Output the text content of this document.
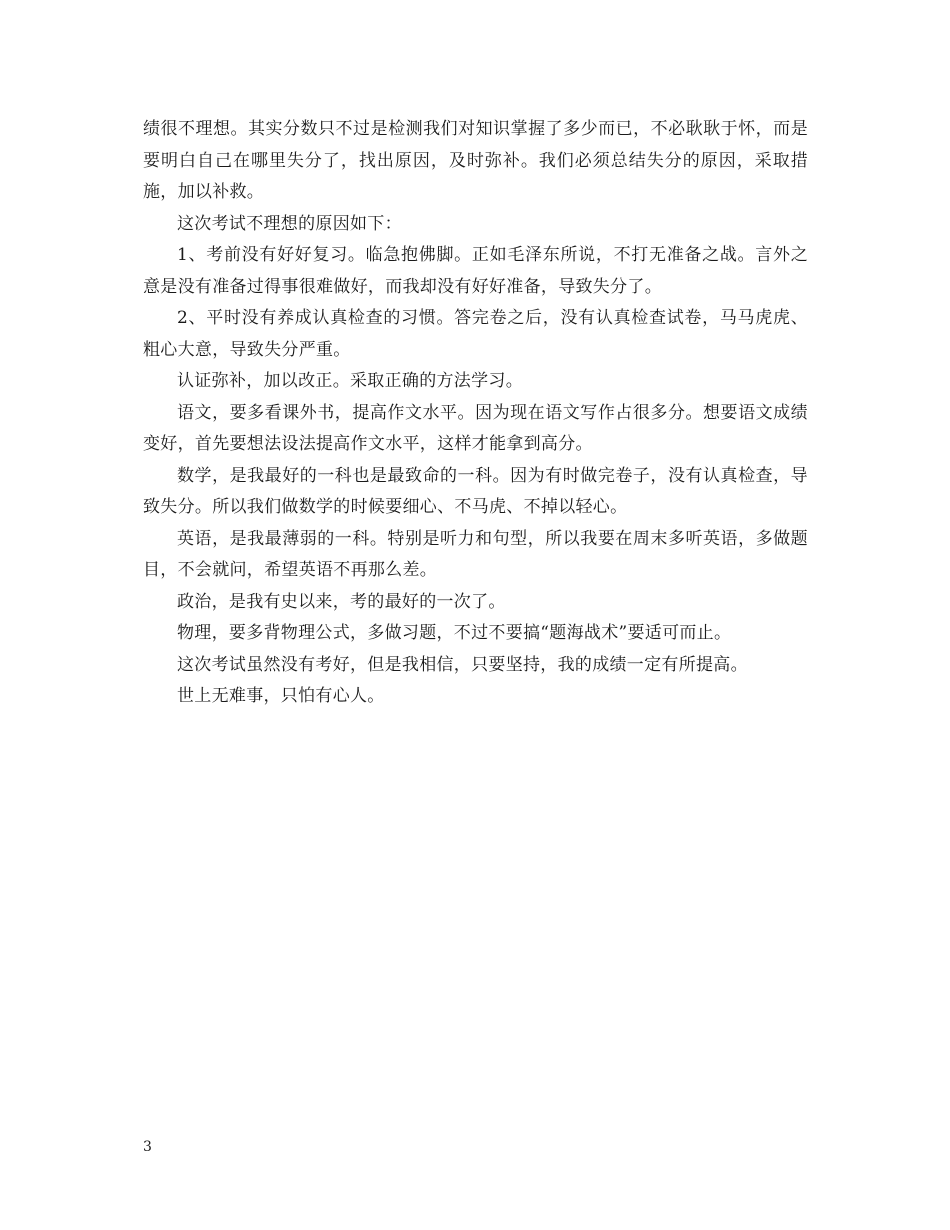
绩很不理想。其实分数只不过是检测我们对知识掌握了多少而已，不必耿耿于怀，而是要明白自己在哪里失分了，找出原因，及时弥补。我们必须总结失分的原因，采取措施，加以补救。

这次考试不理想的原因如下：

1、考前没有好好复习。临急抱佛脚。正如毛泽东所说，不打无准备之战。言外之意是没有准备过得事很难做好，而我却没有好好准备，导致失分了。

2、平时没有养成认真检查的习惯。答完卷之后，没有认真检查试卷，马马虎虎、粗心大意，导致失分严重。

认证弥补，加以改正。采取正确的方法学习。

语文，要多看课外书，提高作文水平。因为现在语文写作占很多分。想要语文成绩变好，首先要想法设法提高作文水平，这样才能拿到高分。

数学，是我最好的一科也是最致命的一科。因为有时做完卷子，没有认真检查，导致失分。所以我们做数学的时候要细心、不马虎、不掉以轻心。

英语，是我最薄弱的一科。特别是听力和句型，所以我要在周末多听英语，多做题目，不会就问，希望英语不再那么差。

政治，是我有史以来，考的最好的一次了。

物理，要多背物理公式，多做习题，不过不要搞“题海战术”要适可而止。

这次考试虽然没有考好，但是我相信，只要坚持，我的成绩一定有所提高。

世上无难事，只怕有心人。

3
